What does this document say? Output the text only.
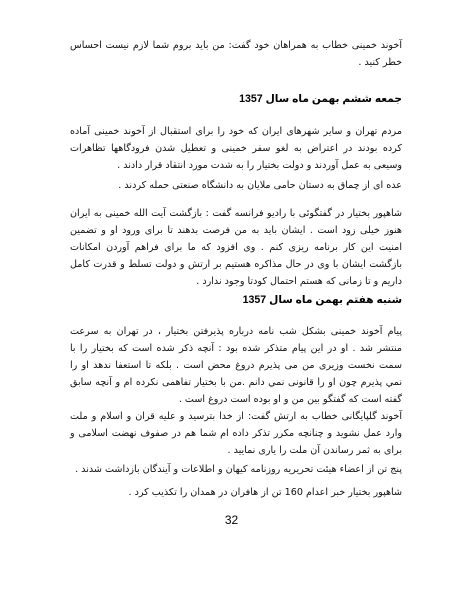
آخوند خمینی خطاب به همراهان خود گفت: من باید بروم شما لازم نیست احساس خطر کنید .
جمعه ششم بهمن ماه سال 1357
مردم تهران و سایر شهرهای ایران که خود را برای استقبال از آخوند خمینی آماده کرده بودند در اعتراض به لغو سفر خمینی و تعطیل شدن فرودگاهها تظاهرات وسیعی به عمل آوردند و دولت بختیار را به شدت مورد انتقاد قرار دادند .
عده ای از چماق به دستان حامی ملایان به دانشگاه صنعتی حمله کردند .
شاهپور بختیار در گفتگوئی با رادیو فرانسه گفت : بازگشت آیت الله خمینی به ایران هنوز خیلی زود است . ایشان باید به من فرصت بدهند تا برای ورود او و تضمین امنیت این کار برنامه ریزی کنم . وی افزود که ما برای فراهم آوردن امکانات بازگشت ایشان با وی در حال مذاکره هستیم بر ارتش و دولت تسلط و قدرت کامل داریم و تا زمانی که هستم احتمال کودتا وجود ندارد .
شنبه هفتم بهمن ماه سال 1357
پیام آخوند خمینی بشکل شب نامه درباره پذیرفتن بختیار ، در تهران به سرعت منتشر شد . او در این پیام متذکر شده بود : آنچه ذکر شده است که بختیار را با سمت نخست وزیری من می پذیرم دروغ محض است . بلکه تا استعفا ندهد او را نمي پذیرم چون او را قانونی نمي دانم .من با بختیار تفاهمی نکرده ام و آنچه سابق گفته است که گفتگو بین من و او بوده است دروغ است .
آخوند گلپایگانی خطاب به ارتش گفت: از خدا بترسید و علیه قران و اسلام و ملت وارد عمل نشوید و چنانچه مکرر تذکر داده ام شما هم در صفوف نهضت اسلامی و برای به ثمر رساندن آن ملت را یاری نمایید .
پنج تن از اعضاء هیئت تحریریه روزنامه کیهان و اطلاعات و آیندگان بازداشت شدند .
شاهپور بختیار خبر اعدام 160 تن از هافران در همدان را تکذیب کرد .
32
